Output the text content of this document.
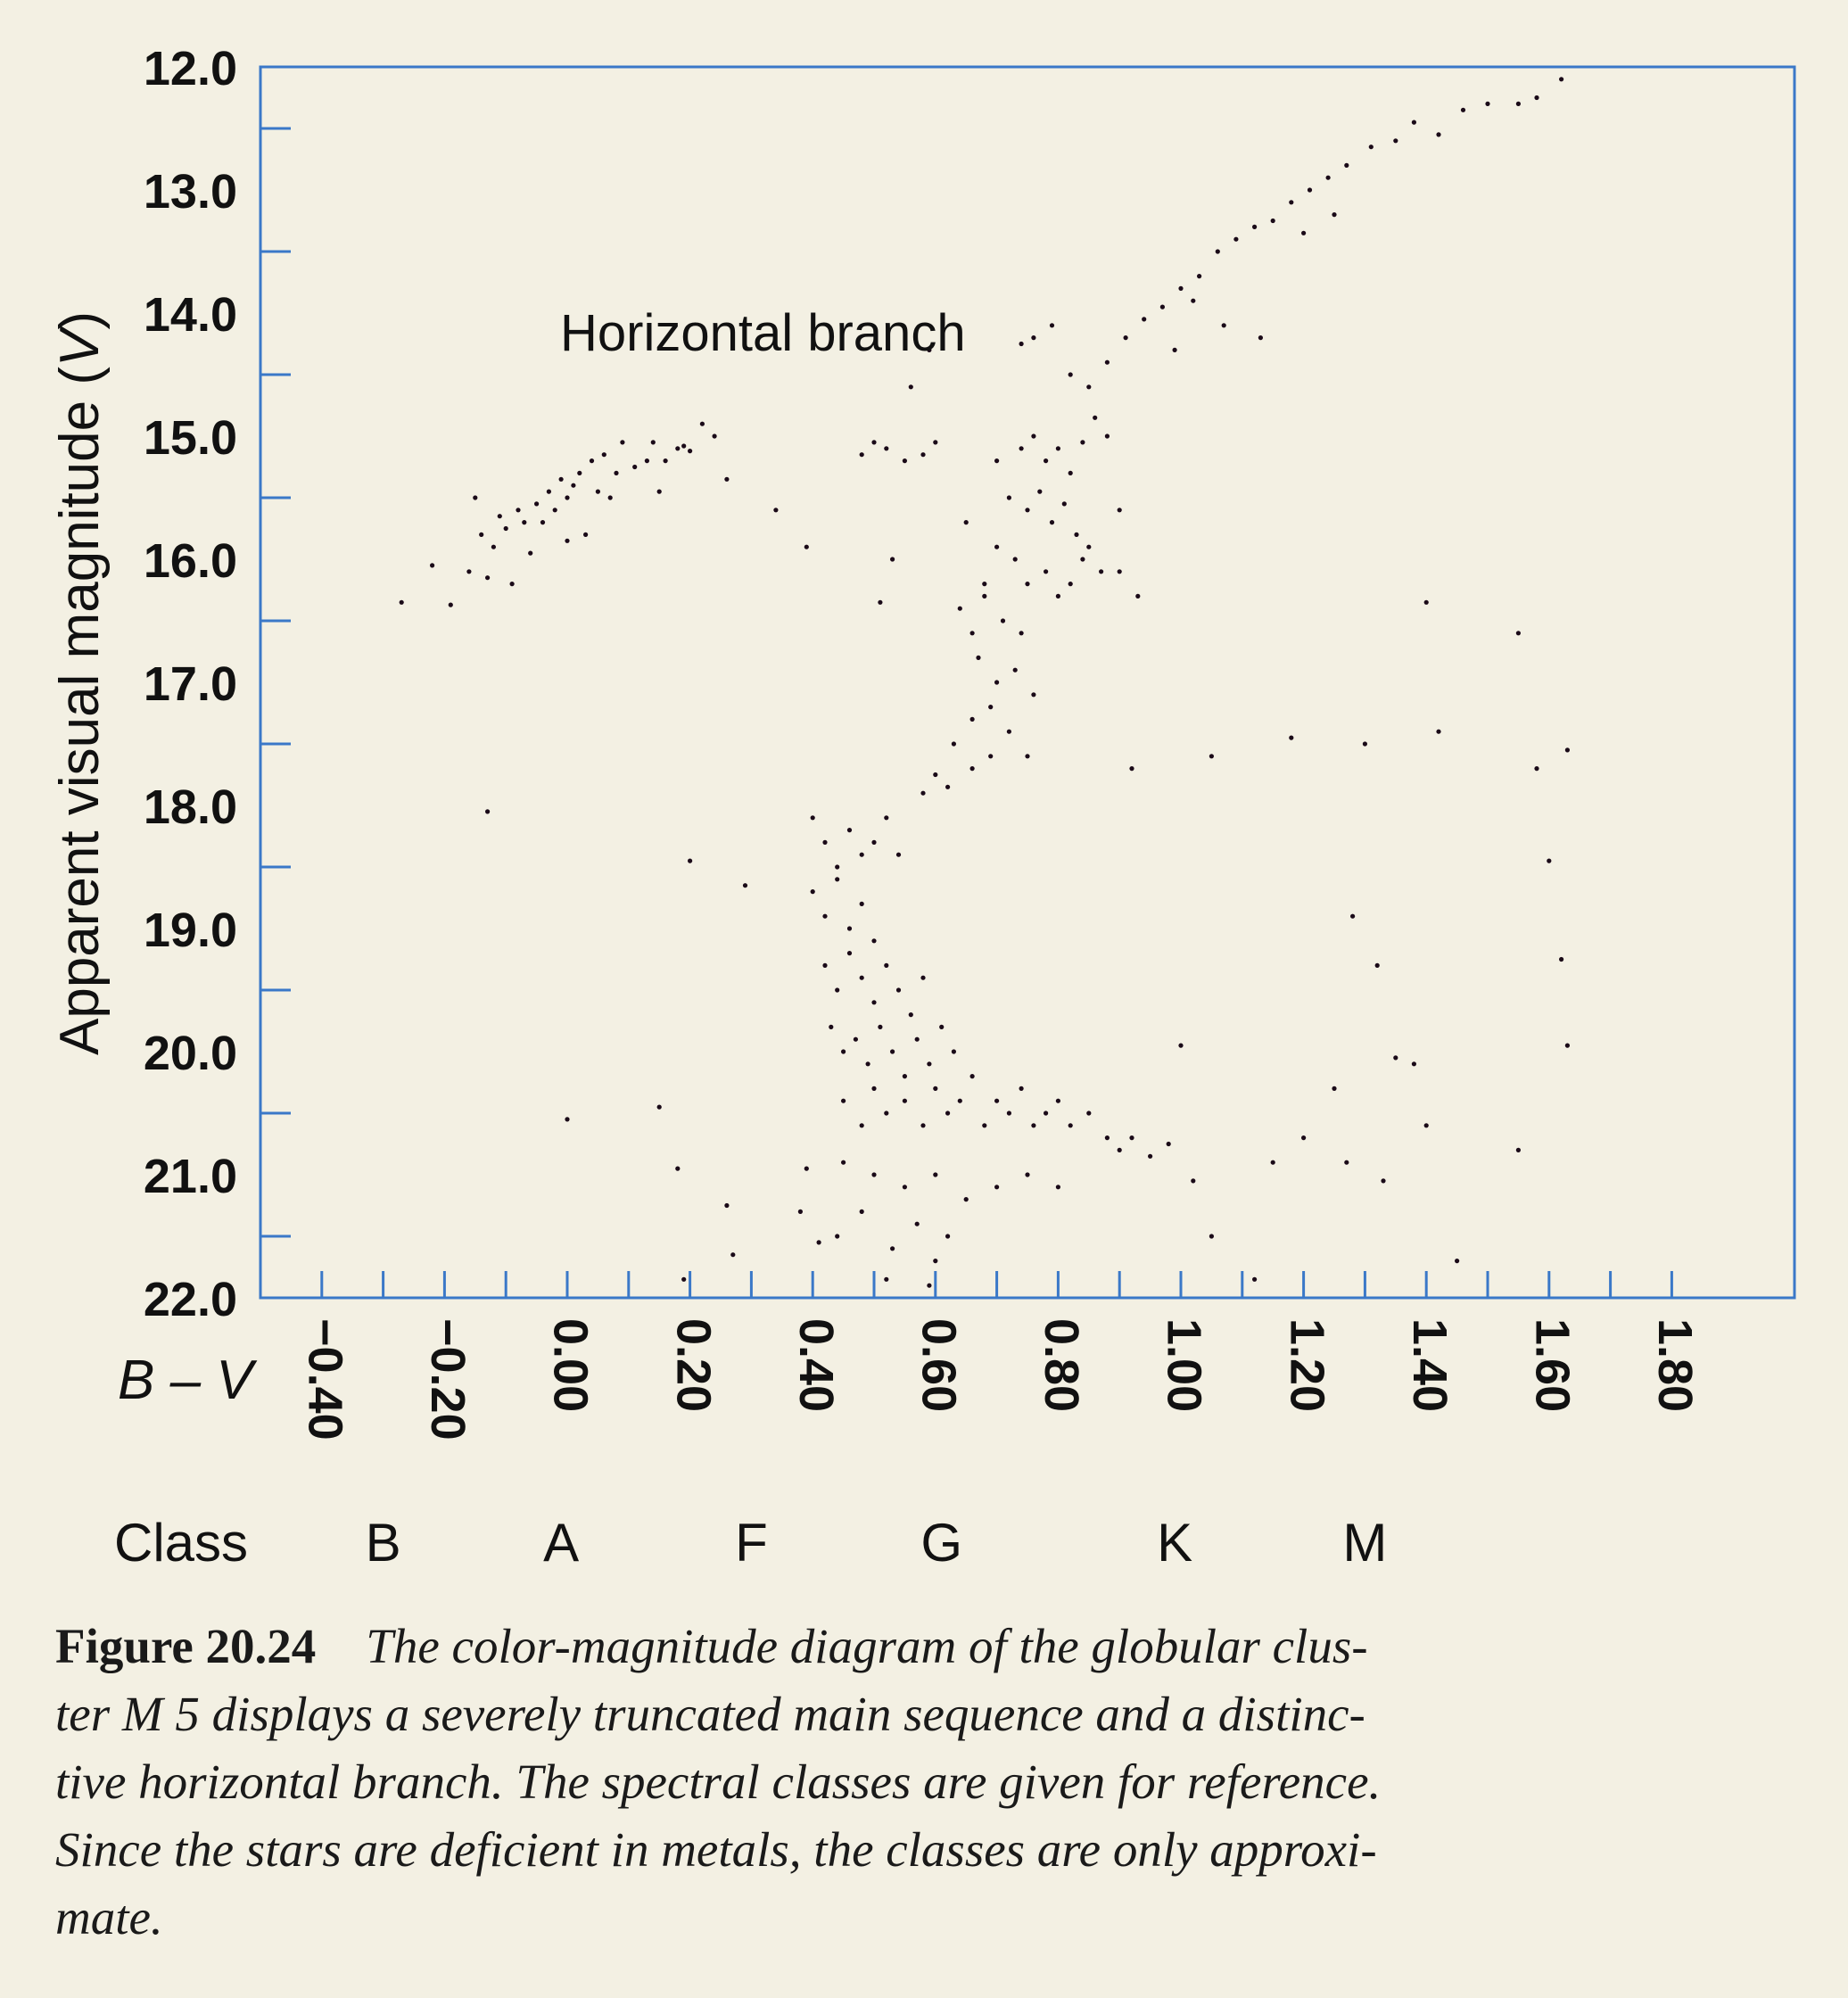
12.0
13.0
14.0
15.0
16.0
17.0
18.0
19.0
20.0
21.0
22.0
−0.40 −0.20 0.00 0.20 0.40 0.60 0.80 1.00 1.20 1.40 1.60 1.80
B	A	F	G	K	M
Horizontal branch
Apparent visual magnitude (V)
B – V
Class
Figure 20.24 The color-magnitude diagram of the globular clus-
ter M 5 displays a severely truncated main sequence and a distinc-
tive horizontal branch. The spectral classes are given for reference.
Since the stars are deficient in metals, the classes are only approxi-
mate.
